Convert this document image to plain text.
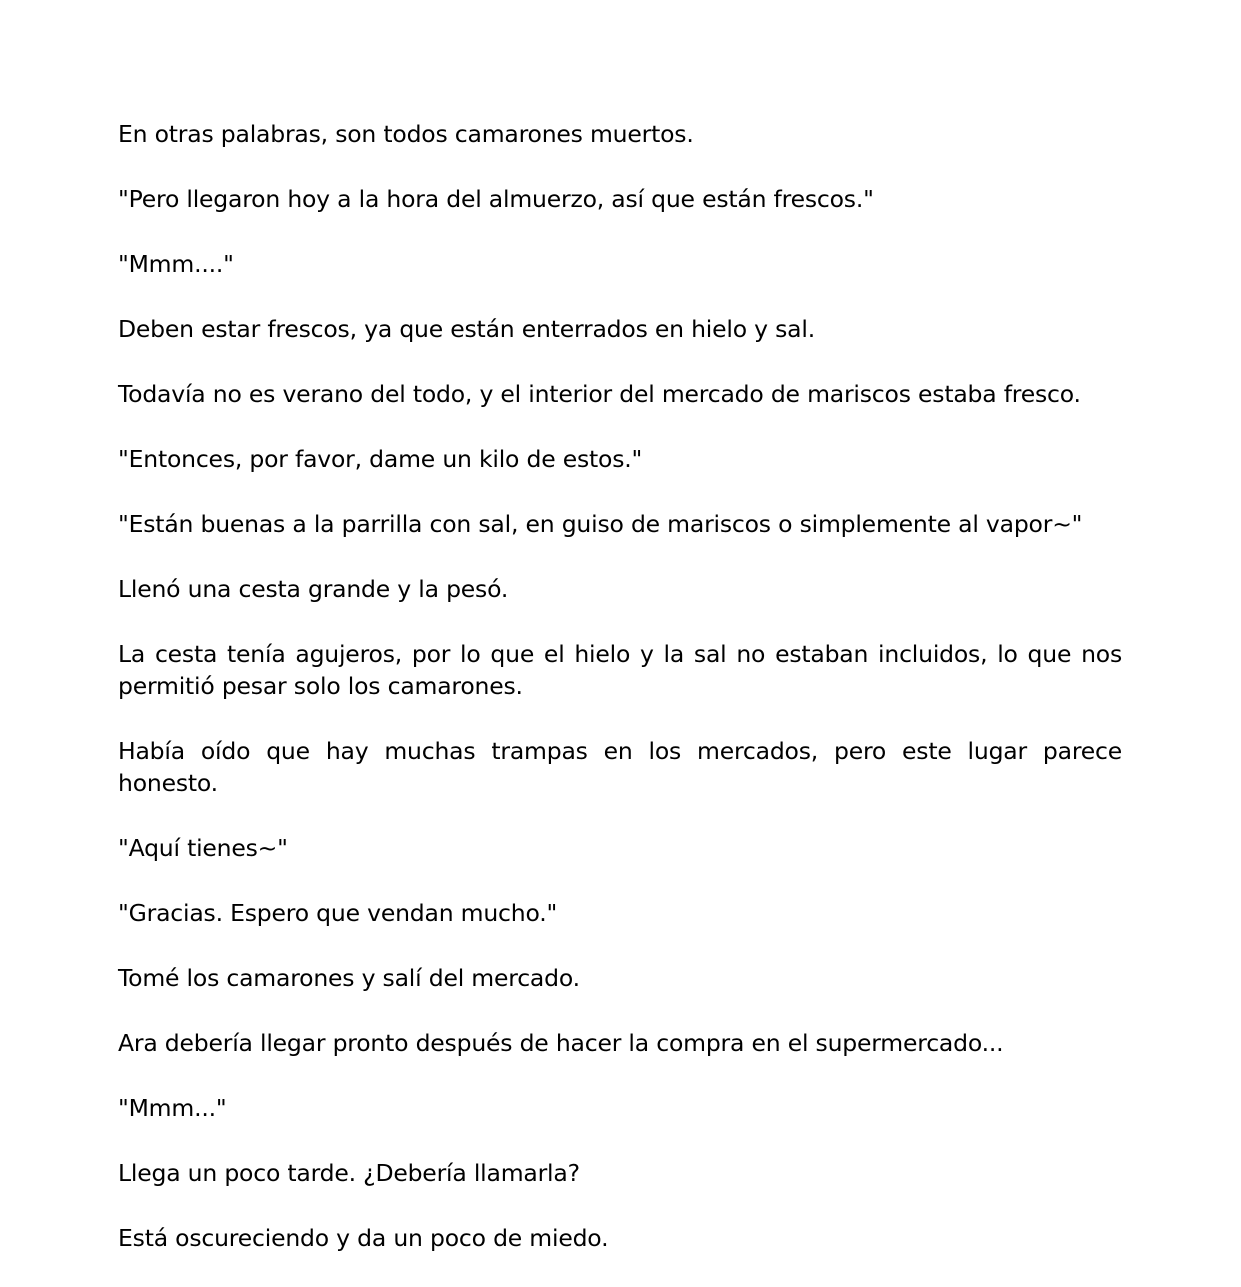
En otras palabras, son todos camarones muertos.

"Pero llegaron hoy a la hora del almuerzo, así que están frescos."

"Mmm...."

Deben estar frescos, ya que están enterrados en hielo y sal.

Todavía no es verano del todo, y el interior del mercado de mariscos estaba fresco.

"Entonces, por favor, dame un kilo de estos."

"Están buenas a la parrilla con sal, en guiso de mariscos o simplemente al vapor~"

Llenó una cesta grande y la pesó.

La cesta tenía agujeros, por lo que el hielo y la sal no estaban incluidos, lo que nos permitió pesar solo los camarones.

Había oído que hay muchas trampas en los mercados, pero este lugar parece honesto.

"Aquí tienes~"

"Gracias. Espero que vendan mucho."

Tomé los camarones y salí del mercado.

Ara debería llegar pronto después de hacer la compra en el supermercado...

"Mmm..."

Llega un poco tarde. ¿Debería llamarla?

Está oscureciendo y da un poco de miedo.
